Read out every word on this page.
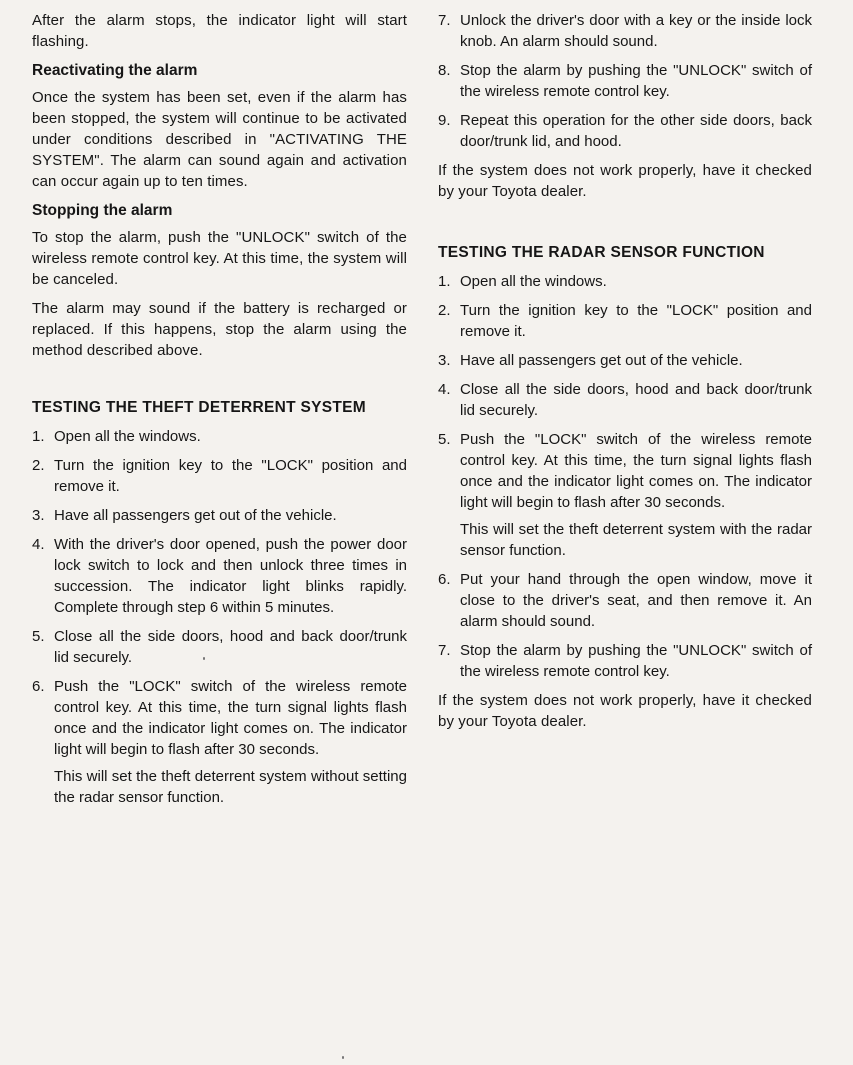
After the alarm stops, the indicator light will start flashing.

Reactivating the alarm

Once the system has been set, even if the alarm has been stopped, the system will continue to be activated under conditions described in "ACTIVATING THE SYSTEM". The alarm can sound again and activation can occur again up to ten times.

Stopping the alarm

To stop the alarm, push the "UNLOCK" switch of the wireless remote control key. At this time, the system will be canceled.

The alarm may sound if the battery is recharged or replaced. If this happens, stop the alarm using the method described above.

TESTING THE THEFT DETERRENT SYSTEM
1. Open all the windows.
2. Turn the ignition key to the "LOCK" position and remove it.
3. Have all passengers get out of the vehicle.
4. With the driver's door opened, push the power door lock switch to lock and then unlock three times in succession. The indicator light blinks rapidly. Complete through step 6 within 5 minutes.
5. Close all the side doors, hood and back door/trunk lid securely.
6. Push the "LOCK" switch of the wireless remote control key. At this time, the turn signal lights flash once and the indicator light comes on. The indicator light will begin to flash after 30 seconds.

This will set the theft deterrent system without setting the radar sensor function.

7. Unlock the driver's door with a key or the inside lock knob. An alarm should sound.
8. Stop the alarm by pushing the "UNLOCK" switch of the wireless remote control key.
9. Repeat this operation for the other side doors, back door/trunk lid, and hood.

If the system does not work properly, have it checked by your Toyota dealer.

TESTING THE RADAR SENSOR FUNCTION
1. Open all the windows.
2. Turn the ignition key to the "LOCK" position and remove it.
3. Have all passengers get out of the vehicle.
4. Close all the side doors, hood and back door/trunk lid securely.
5. Push the "LOCK" switch of the wireless remote control key. At this time, the turn signal lights flash once and the indicator light comes on. The indicator light will begin to flash after 30 seconds.

This will set the theft deterrent system with the radar sensor function.

6. Put your hand through the open window, move it close to the driver's seat, and then remove it. An alarm should sound.
7. Stop the alarm by pushing the "UNLOCK" switch of the wireless remote control key.

If the system does not work properly, have it checked by your Toyota dealer.
